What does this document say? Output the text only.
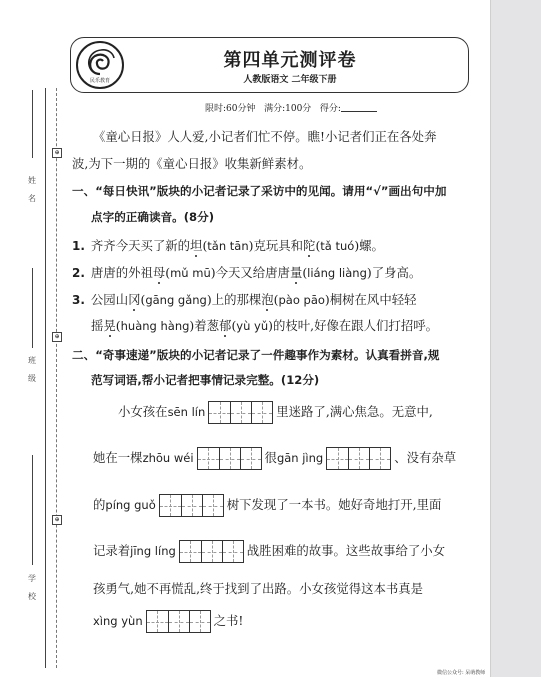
⊕
⊕
⊕
姓
名
班
级
学
校
民乐教育
第四单元测评卷
人教版语文 二年级下册
限时:60分钟 满分:100分 得分:
《童心日报》人人爱,小记者们忙不停。瞧!小记者们正在各处奔
波,为下一期的《童心日报》收集新鲜素材。
一、“每日快讯”版块的小记者记录了采访中的见闻。请用“√”画出句中加
点字的正确读音。(8分)
1. 齐齐今天买了新的坦(tǎn tān)克玩具和陀(tǎ tuó)螺。
2. 唐唐的外祖母(mǔ mū)今天又给唐唐量(liáng liàng)了身高。
3. 公园山冈(gāng gǎng)上的那棵泡(pào pāo)桐树在风中轻轻
摇晃(huàng hàng)着葱郁(yù yǔ)的枝叶,好像在跟人们打招呼。
二、“奇事速递”版块的小记者记录了一件趣事作为素材。认真看拼音,规
范写词语,帮小记者把事情记录完整。(12分)
小女孩在sēn lín	里迷路了,满心焦急。无意中,
她在一棵zhōu wéi	很gān jìng	、没有杂草
的píng guǒ	树下发现了一本书。她好奇地打开,里面
记录着jīng líng	战胜困难的故事。这些故事给了小女
孩勇气,她不再慌乱,终于找到了出路。小女孩觉得这本书真是
xìng yùn	之书!
微信公众号: 呆萌教师
